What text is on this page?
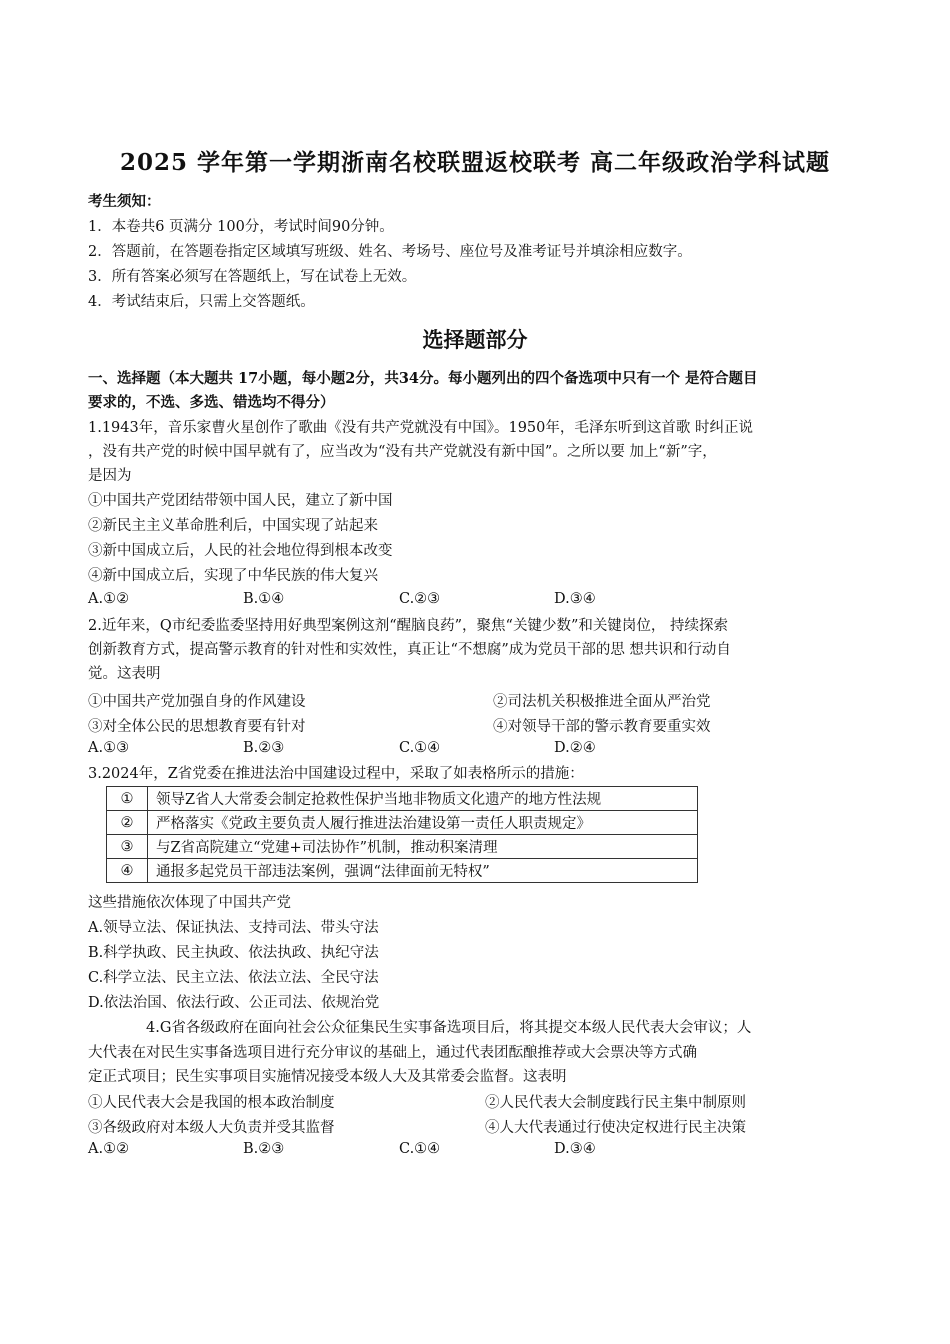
2025 学年第一学期浙南名校联盟返校联考 高二年级政治学科试题
考生须知：
1．本卷共6 页满分 100分，考试时间90分钟。
2．答题前，在答题卷指定区域填写班级、姓名、考场号、座位号及准考证号并填涂相应数字。
3．所有答案必须写在答题纸上，写在试卷上无效。
4．考试结束后，只需上交答题纸。
选择题部分
一、选择题（本大题共 17小题，每小题2分，共34分。每小题列出的四个备选项中只有一个 是符合题目
要求的，不选、多选、错选均不得分）
1.1943年，音乐家曹火星创作了歌曲《没有共产党就没有中国》。1950年，毛泽东听到这首歌 时纠正说
，没有共产党的时候中国早就有了，应当改为“没有共产党就没有新中国”。之所以要 加上“新”字，
是因为
①中国共产党团结带领中国人民，建立了新中国
②新民主主义革命胜利后，中国实现了站起来
③新中国成立后，人民的社会地位得到根本改变
④新中国成立后，实现了中华民族的伟大复兴
A.①②	B.①④	C.②③	D.③④
2.近年来，Q市纪委监委坚持用好典型案例这剂“醒脑良药”，聚焦“关键少数”和关键岗位， 持续探索
创新教育方式，提高警示教育的针对性和实效性，真正让“不想腐”成为党员干部的思 想共识和行动自
觉。这表明
①中国共产党加强自身的作风建设	②司法机关积极推进全面从严治党
③对全体公民的思想教育要有针对	④对领导干部的警示教育要重实效
A.①③	B.②③	C.①④	D.②④
3.2024年，Z省党委在推进法治中国建设过程中，采取了如表格所示的措施：
①	领导Z省人大常委会制定抢救性保护当地非物质文化遗产的地方性法规
②	严格落实《党政主要负责人履行推进法治建设第一责任人职责规定》
③	与Z省高院建立“党建+司法协作”机制，推动积案清理
④	通报多起党员干部违法案例，强调“法律面前无特权”
这些措施依次体现了中国共产党
A.领导立法、保证执法、支持司法、带头守法
B.科学执政、民主执政、依法执政、执纪守法
C.科学立法、民主立法、依法立法、全民守法
D.依法治国、依法行政、公正司法、依规治党
4.G省各级政府在面向社会公众征集民生实事备选项目后，将其提交本级人民代表大会审议；人
大代表在对民生实事备选项目进行充分审议的基础上，通过代表团酝酿推荐或大会票决等方式确
定正式项目；民生实事项目实施情况接受本级人大及其常委会监督。这表明
①人民代表大会是我国的根本政治制度	②人民代表大会制度践行民主集中制原则
③各级政府对本级人大负责并受其监督	④人大代表通过行使决定权进行民主决策
A.①②	B.②③	C.①④	D.③④
